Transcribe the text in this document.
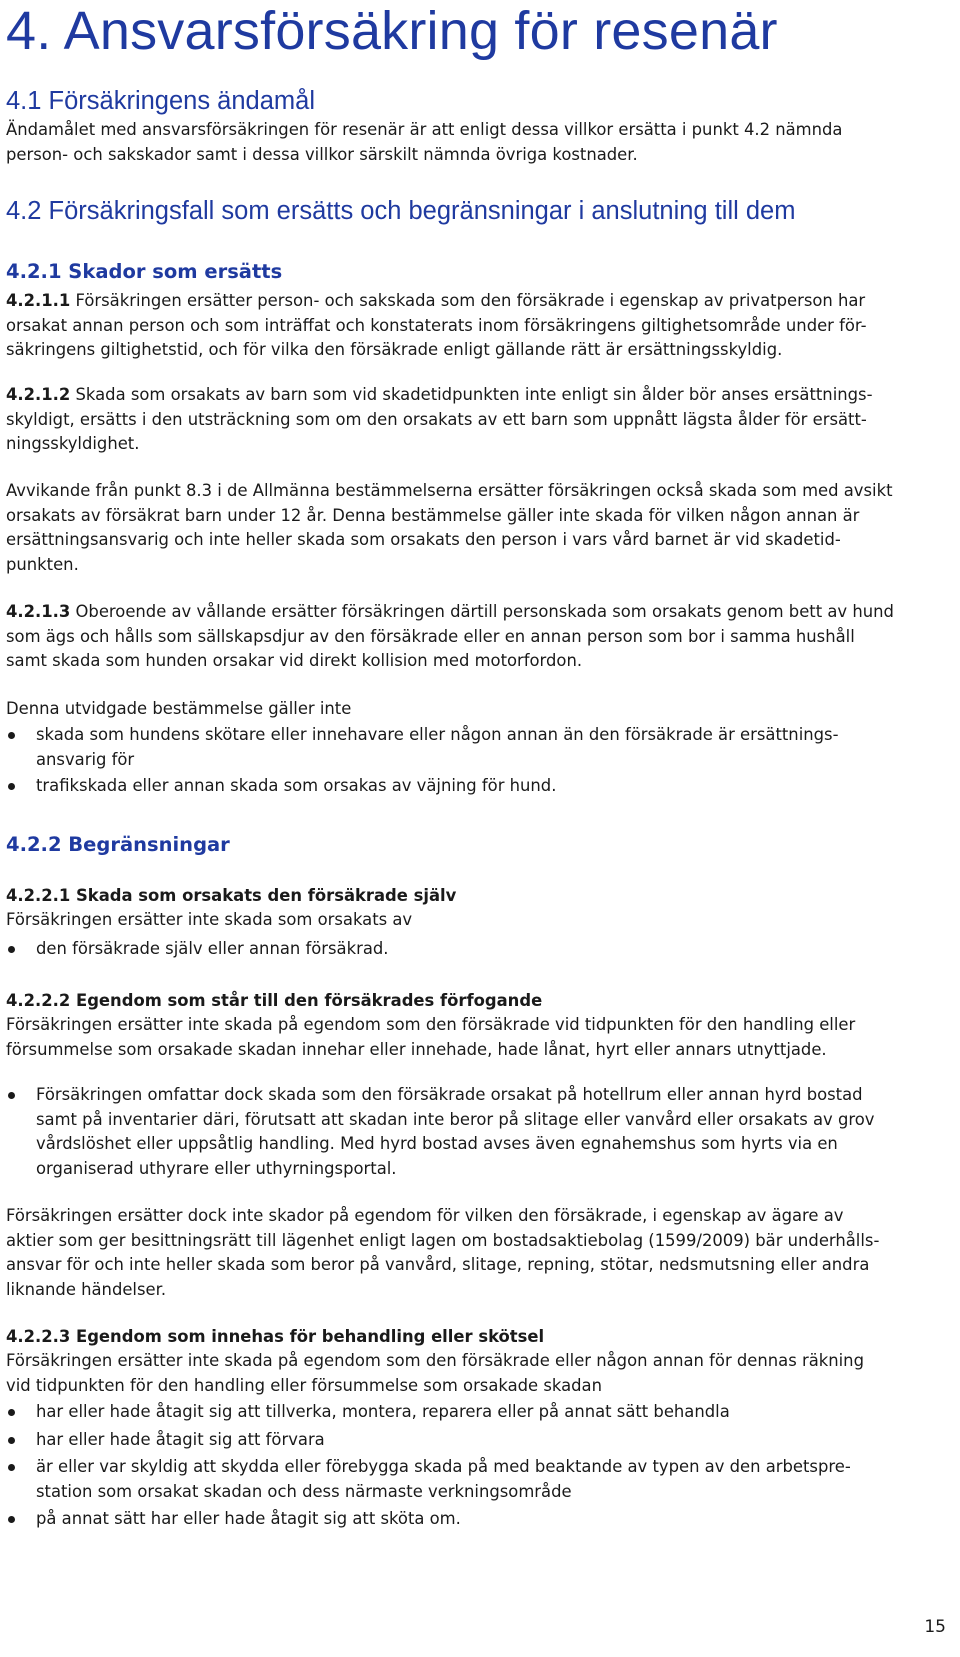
4. Ansvarsförsäkring för resenär
4.1 Försäkringens ändamål
Ändamålet med ansvarsförsäkringen för resenär är att enligt dessa villkor ersätta i punkt 4.2 nämnda
person- och sakskador samt i dessa villkor särskilt nämnda övriga kostnader.
4.2 Försäkringsfall som ersätts och begränsningar i anslutning till dem
4.2.1 Skador som ersätts
4.2.1.1 Försäkringen ersätter person- och sakskada som den försäkrade i egenskap av privatperson har
orsakat annan person och som inträffat och konstaterats inom försäkringens giltighetsområde under för-
säkringens giltighetstid, och för vilka den försäkrade enligt gällande rätt är ersättningsskyldig.
4.2.1.2 Skada som orsakats av barn som vid skadetidpunkten inte enligt sin ålder bör anses ersättnings-
skyldigt, ersätts i den utsträckning som om den orsakats av ett barn som uppnått lägsta ålder för ersätt-
ningsskyldighet.
Avvikande från punkt 8.3 i de Allmänna bestämmelserna ersätter försäkringen också skada som med avsikt
orsakats av försäkrat barn under 12 år. Denna bestämmelse gäller inte skada för vilken någon annan är
ersättningsansvarig och inte heller skada som orsakats den person i vars vård barnet är vid skadetid-
punkten.
4.2.1.3 Oberoende av vållande ersätter försäkringen därtill personskada som orsakats genom bett av hund
som ägs och hålls som sällskapsdjur av den försäkrade eller en annan person som bor i samma hushåll
samt skada som hunden orsakar vid direkt kollision med motorfordon.
Denna utvidgade bestämmelse gäller inte
skada som hundens skötare eller innehavare eller någon annan än den försäkrade är ersättnings-
ansvarig för
trafikskada eller annan skada som orsakas av väjning för hund.
4.2.2 Begränsningar
4.2.2.1 Skada som orsakats den försäkrade själv
Försäkringen ersätter inte skada som orsakats av
den försäkrade själv eller annan försäkrad.
4.2.2.2 Egendom som står till den försäkrades förfogande
Försäkringen ersätter inte skada på egendom som den försäkrade vid tidpunkten för den handling eller
försummelse som orsakade skadan innehar eller innehade, hade lånat, hyrt eller annars utnyttjade.
Försäkringen omfattar dock skada som den försäkrade orsakat på hotellrum eller annan hyrd bostad
samt på inventarier däri, förutsatt att skadan inte beror på slitage eller vanvård eller orsakats av grov
vårdslöshet eller uppsåtlig handling. Med hyrd bostad avses även egnahemshus som hyrts via en
organiserad uthyrare eller uthyrningsportal.
Försäkringen ersätter dock inte skador på egendom för vilken den försäkrade, i egenskap av ägare av
aktier som ger besittningsrätt till lägenhet enligt lagen om bostadsaktiebolag (1599/2009) bär underhålls-
ansvar för och inte heller skada som beror på vanvård, slitage, repning, stötar, nedsmutsning eller andra
liknande händelser.
4.2.2.3 Egendom som innehas för behandling eller skötsel
Försäkringen ersätter inte skada på egendom som den försäkrade eller någon annan för dennas räkning
vid tidpunkten för den handling eller försummelse som orsakade skadan
har eller hade åtagit sig att tillverka, montera, reparera eller på annat sätt behandla
har eller hade åtagit sig att förvara
är eller var skyldig att skydda eller förebygga skada på med beaktande av typen av den arbetspre-
station som orsakat skadan och dess närmaste verkningsområde
på annat sätt har eller hade åtagit sig att sköta om.
15
